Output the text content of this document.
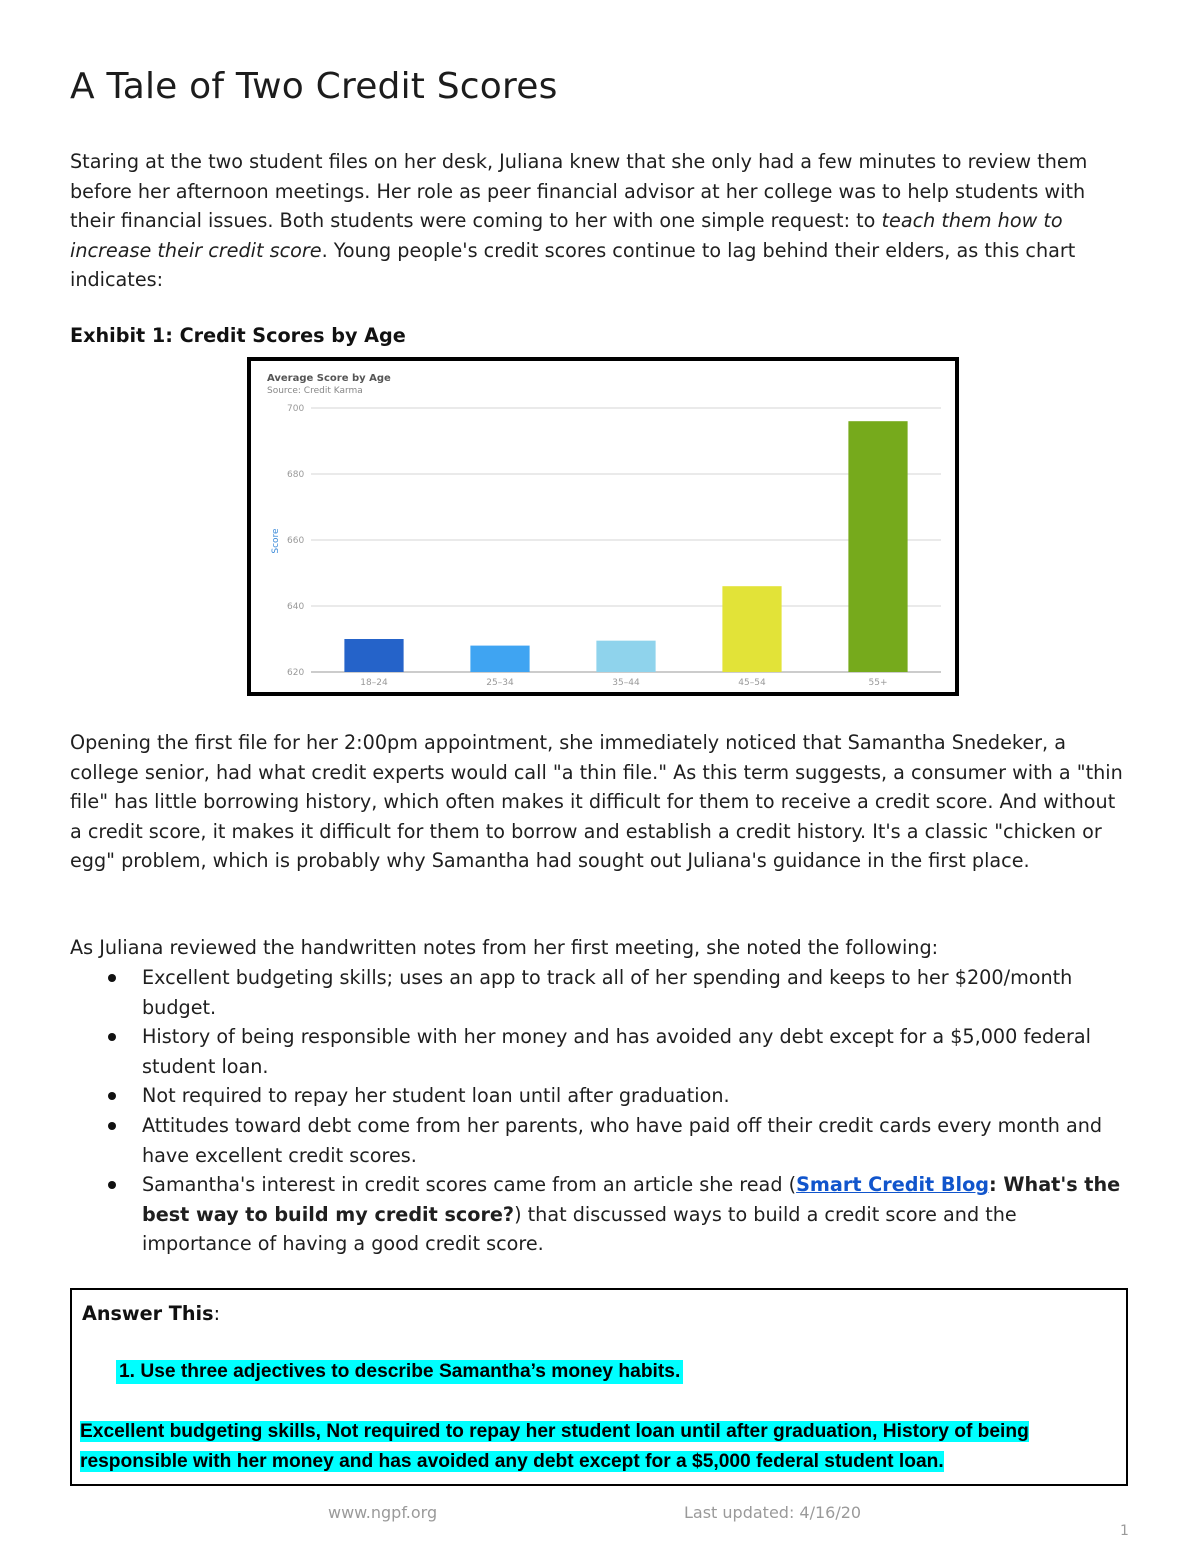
A Tale of Two Credit Scores
Staring at the two student files on her desk, Juliana knew that she only had a few minutes to review them before her afternoon meetings. Her role as peer financial advisor at her college was to help students with their financial issues. Both students were coming to her with one simple request: to teach them how to increase their credit score. Young people's credit scores continue to lag behind their elders, as this chart indicates:
Exhibit 1: Credit Scores by Age
Average Score by Age
Source: Credit Karma
Score
620
640
660
680
700
18–24	25–34	35–44	45–54	55+
Opening the first file for her 2:00pm appointment, she immediately noticed that Samantha Snedeker, a college senior, had what credit experts would call "a thin file." As this term suggests, a consumer with a "thin file" has little borrowing history, which often makes it difficult for them to receive a credit score. And without a credit score, it makes it difficult for them to borrow and establish a credit history. It's a classic "chicken or egg" problem, which is probably why Samantha had sought out Juliana's guidance in the first place.
As Juliana reviewed the handwritten notes from her first meeting, she noted the following:
Excellent budgeting skills; uses an app to track all of her spending and keeps to her $200/month budget.
History of being responsible with her money and has avoided any debt except for a $5,000 federal student loan.
Not required to repay her student loan until after graduation.
Attitudes toward debt come from her parents, who have paid off their credit cards every month and have excellent credit scores.
Samantha's interest in credit scores came from an article she read (Smart Credit Blog: What's the best way to build my credit score?) that discussed ways to build a credit score and the importance of having a good credit score.
Answer This:
1. Use three adjectives to describe Samantha’s money habits.
Excellent budgeting skills, Not required to repay her student loan until after graduation, History of being responsible with her money and has avoided any debt except for a $5,000 federal student loan.
www.ngpf.org	Last updated: 4/16/20
1
